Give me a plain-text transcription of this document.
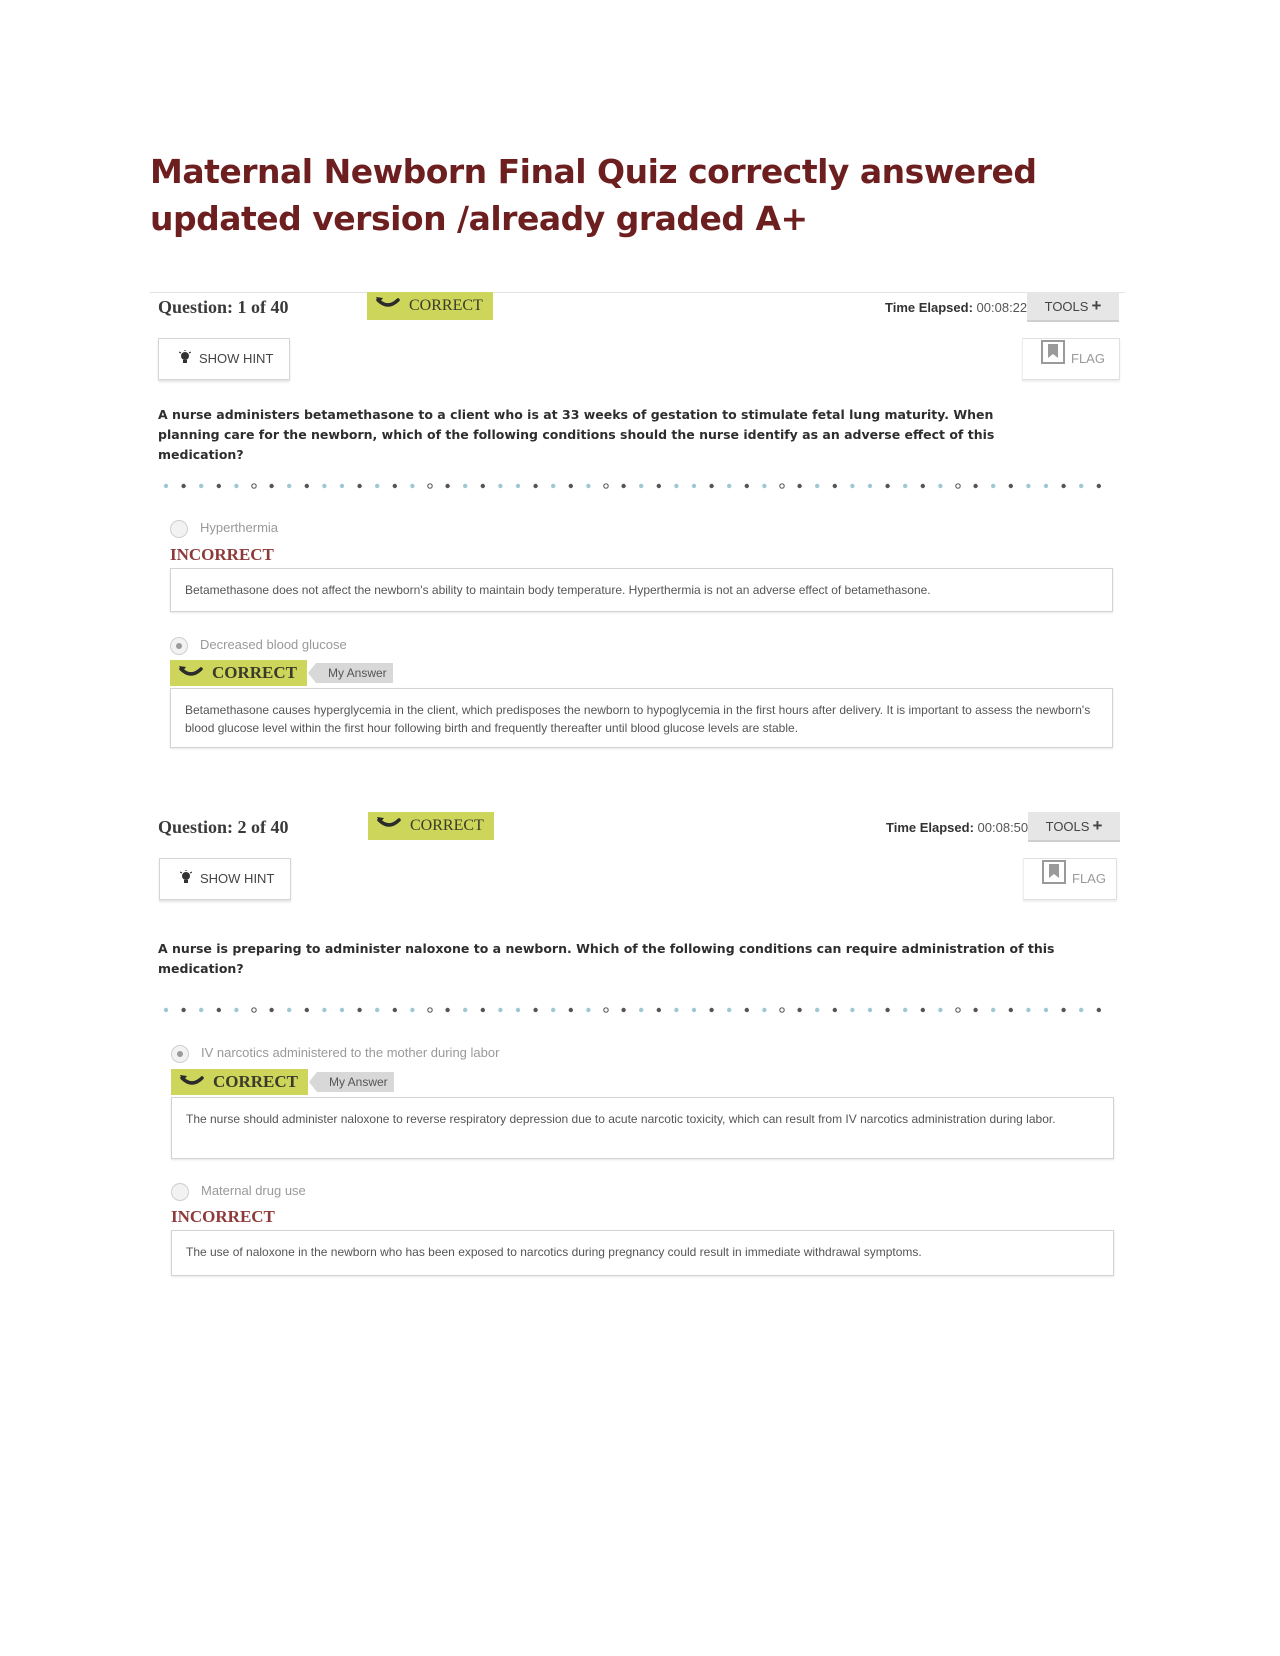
Maternal Newborn Final Quiz correctly answered updated version /already graded A+
Question: 1 of 40	CORRECT	Time Elapsed: 00:08:22	TOOLS +
SHOW HINT	FLAG
A nurse administers betamethasone to a client who is at 33 weeks of gestation to stimulate fetal lung maturity. When planning care for the newborn, which of the following conditions should the nurse identify as an adverse effect of this medication?
Hyperthermia
INCORRECT
Betamethasone does not affect the newborn's ability to maintain body temperature. Hyperthermia is not an adverse effect of betamethasone.
Decreased blood glucose
CORRECT	My Answer
Betamethasone causes hyperglycemia in the client, which predisposes the newborn to hypoglycemia in the first hours after delivery. It is important to assess the newborn's blood glucose level within the first hour following birth and frequently thereafter until blood glucose levels are stable.
Question: 2 of 40	CORRECT	Time Elapsed: 00:08:50	TOOLS +
SHOW HINT	FLAG
A nurse is preparing to administer naloxone to a newborn. Which of the following conditions can require administration of this medication?
IV narcotics administered to the mother during labor
CORRECT	My Answer
The nurse should administer naloxone to reverse respiratory depression due to acute narcotic toxicity, which can result from IV narcotics administration during labor.
Maternal drug use
INCORRECT
The use of naloxone in the newborn who has been exposed to narcotics during pregnancy could result in immediate withdrawal symptoms.
